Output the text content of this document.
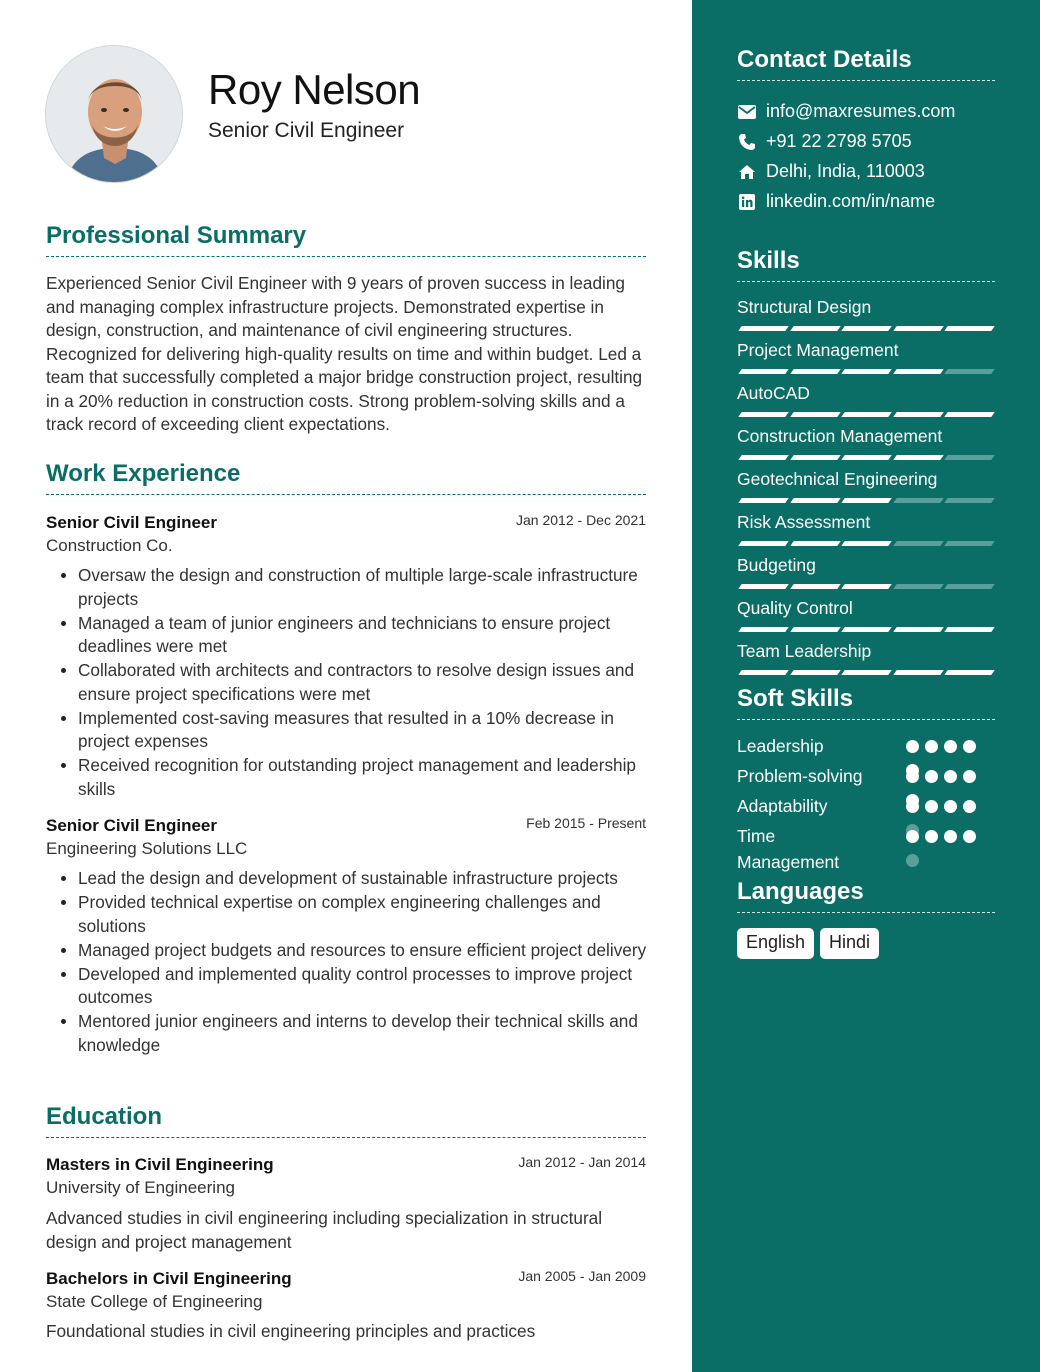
Roy Nelson
Senior Civil Engineer
Professional Summary
Experienced Senior Civil Engineer with 9 years of proven success in leading and managing complex infrastructure projects. Demonstrated expertise in design, construction, and maintenance of civil engineering structures. Recognized for delivering high-quality results on time and within budget. Led a team that successfully completed a major bridge construction project, resulting in a 20% reduction in construction costs. Strong problem-solving skills and a track record of exceeding client expectations.
Work Experience
Senior Civil Engineer	Jan 2012 - Dec 2021
Construction Co.
Oversaw the design and construction of multiple large-scale infrastructure projects
Managed a team of junior engineers and technicians to ensure project deadlines were met
Collaborated with architects and contractors to resolve design issues and ensure project specifications were met
Implemented cost-saving measures that resulted in a 10% decrease in project expenses
Received recognition for outstanding project management and leadership skills
Senior Civil Engineer	Feb 2015 - Present
Engineering Solutions LLC
Lead the design and development of sustainable infrastructure projects
Provided technical expertise on complex engineering challenges and solutions
Managed project budgets and resources to ensure efficient project delivery
Developed and implemented quality control processes to improve project outcomes
Mentored junior engineers and interns to develop their technical skills and knowledge
Education
Masters in Civil Engineering	Jan 2012 - Jan 2014
University of Engineering
Advanced studies in civil engineering including specialization in structural design and project management
Bachelors in Civil Engineering	Jan 2005 - Jan 2009
State College of Engineering
Foundational studies in civil engineering principles and practices
Contact Details
info@maxresumes.com
+91 22 2798 5705
Delhi, India, 110003
linkedin.com/in/name
Skills
Structural Design
Project Management
AutoCAD
Construction Management
Geotechnical Engineering
Risk Assessment
Budgeting
Quality Control
Team Leadership
Soft Skills
Leadership
Problem-solving
Adaptability
Time Management
Languages
English	Hindi
